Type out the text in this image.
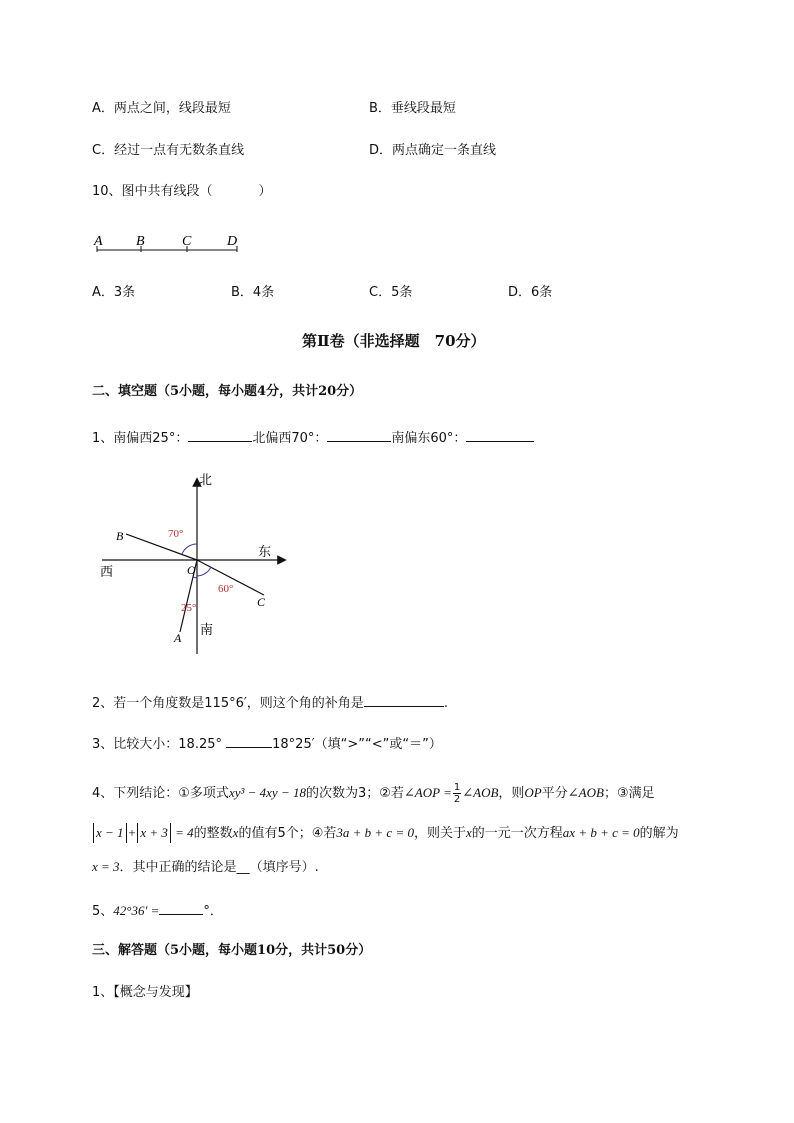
A．两点之间，线段最短	B．垂线段最短
C．经过一点有无数条直线	D．两点确定一条直线
10、图中共有线段（	）
A B	C	D
A．3条	B．4条	C．5条	D．6条
第Ⅱ卷（非选择题　70分）
二、填空题（5小题，每小题4分，共计20分）
1、南偏西25°：	北偏西70°：	南偏东60°：
北
南
东
西	O
B
C
A
70°
60°
25°
2、若一个角度数是115°6′，则这个角的补角是	.
3、比较大小：18.25°	18°25′（填“>”“<”或“＝”）
4、下列结论：①多项式xy³ − 4xy − 18的次数为3；②若∠AOP = $\frac{1}{2}$ ∠AOB，则OP平分∠AOB；③满足
x − 1 + x + 3 = 4的整数x的值有5个；④若3a + b + c = 0，则关于x的一元一次方程ax + b + c = 0的解为
x = 3．其中正确的结论是__（填序号）.
5、42°36′ =	°．
三、解答题（5小题，每小题10分，共计50分）
1、【概念与发现】
